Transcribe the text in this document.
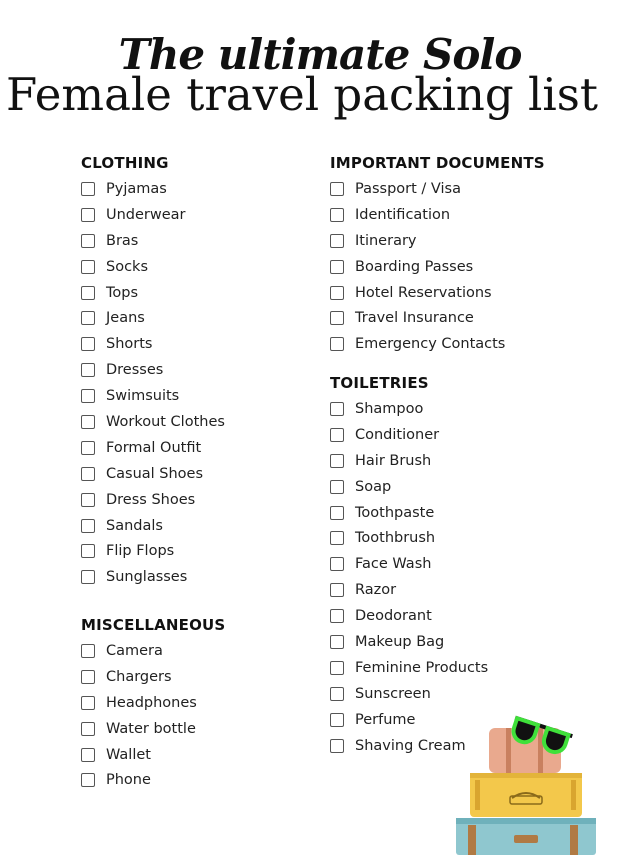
The ultimate Solo
Female travel packing list
CLOTHING
Pyjamas
Underwear
Bras
Socks
Tops
Jeans
Shorts
Dresses
Swimsuits
Workout Clothes
Formal Outfit
Casual Shoes
Dress Shoes
Sandals
Flip Flops
Sunglasses
MISCELLANEOUS
Camera
Chargers
Headphones
Water bottle
Wallet
Phone
IMPORTANT DOCUMENTS
Passport / Visa
Identification
Itinerary
Boarding Passes
Hotel Reservations
Travel Insurance
Emergency Contacts
TOILETRIES
Shampoo
Conditioner
Hair Brush
Soap
Toothpaste
Toothbrush
Face Wash
Razor
Deodorant
Makeup Bag
Feminine Products
Sunscreen
Perfume
Shaving Cream
